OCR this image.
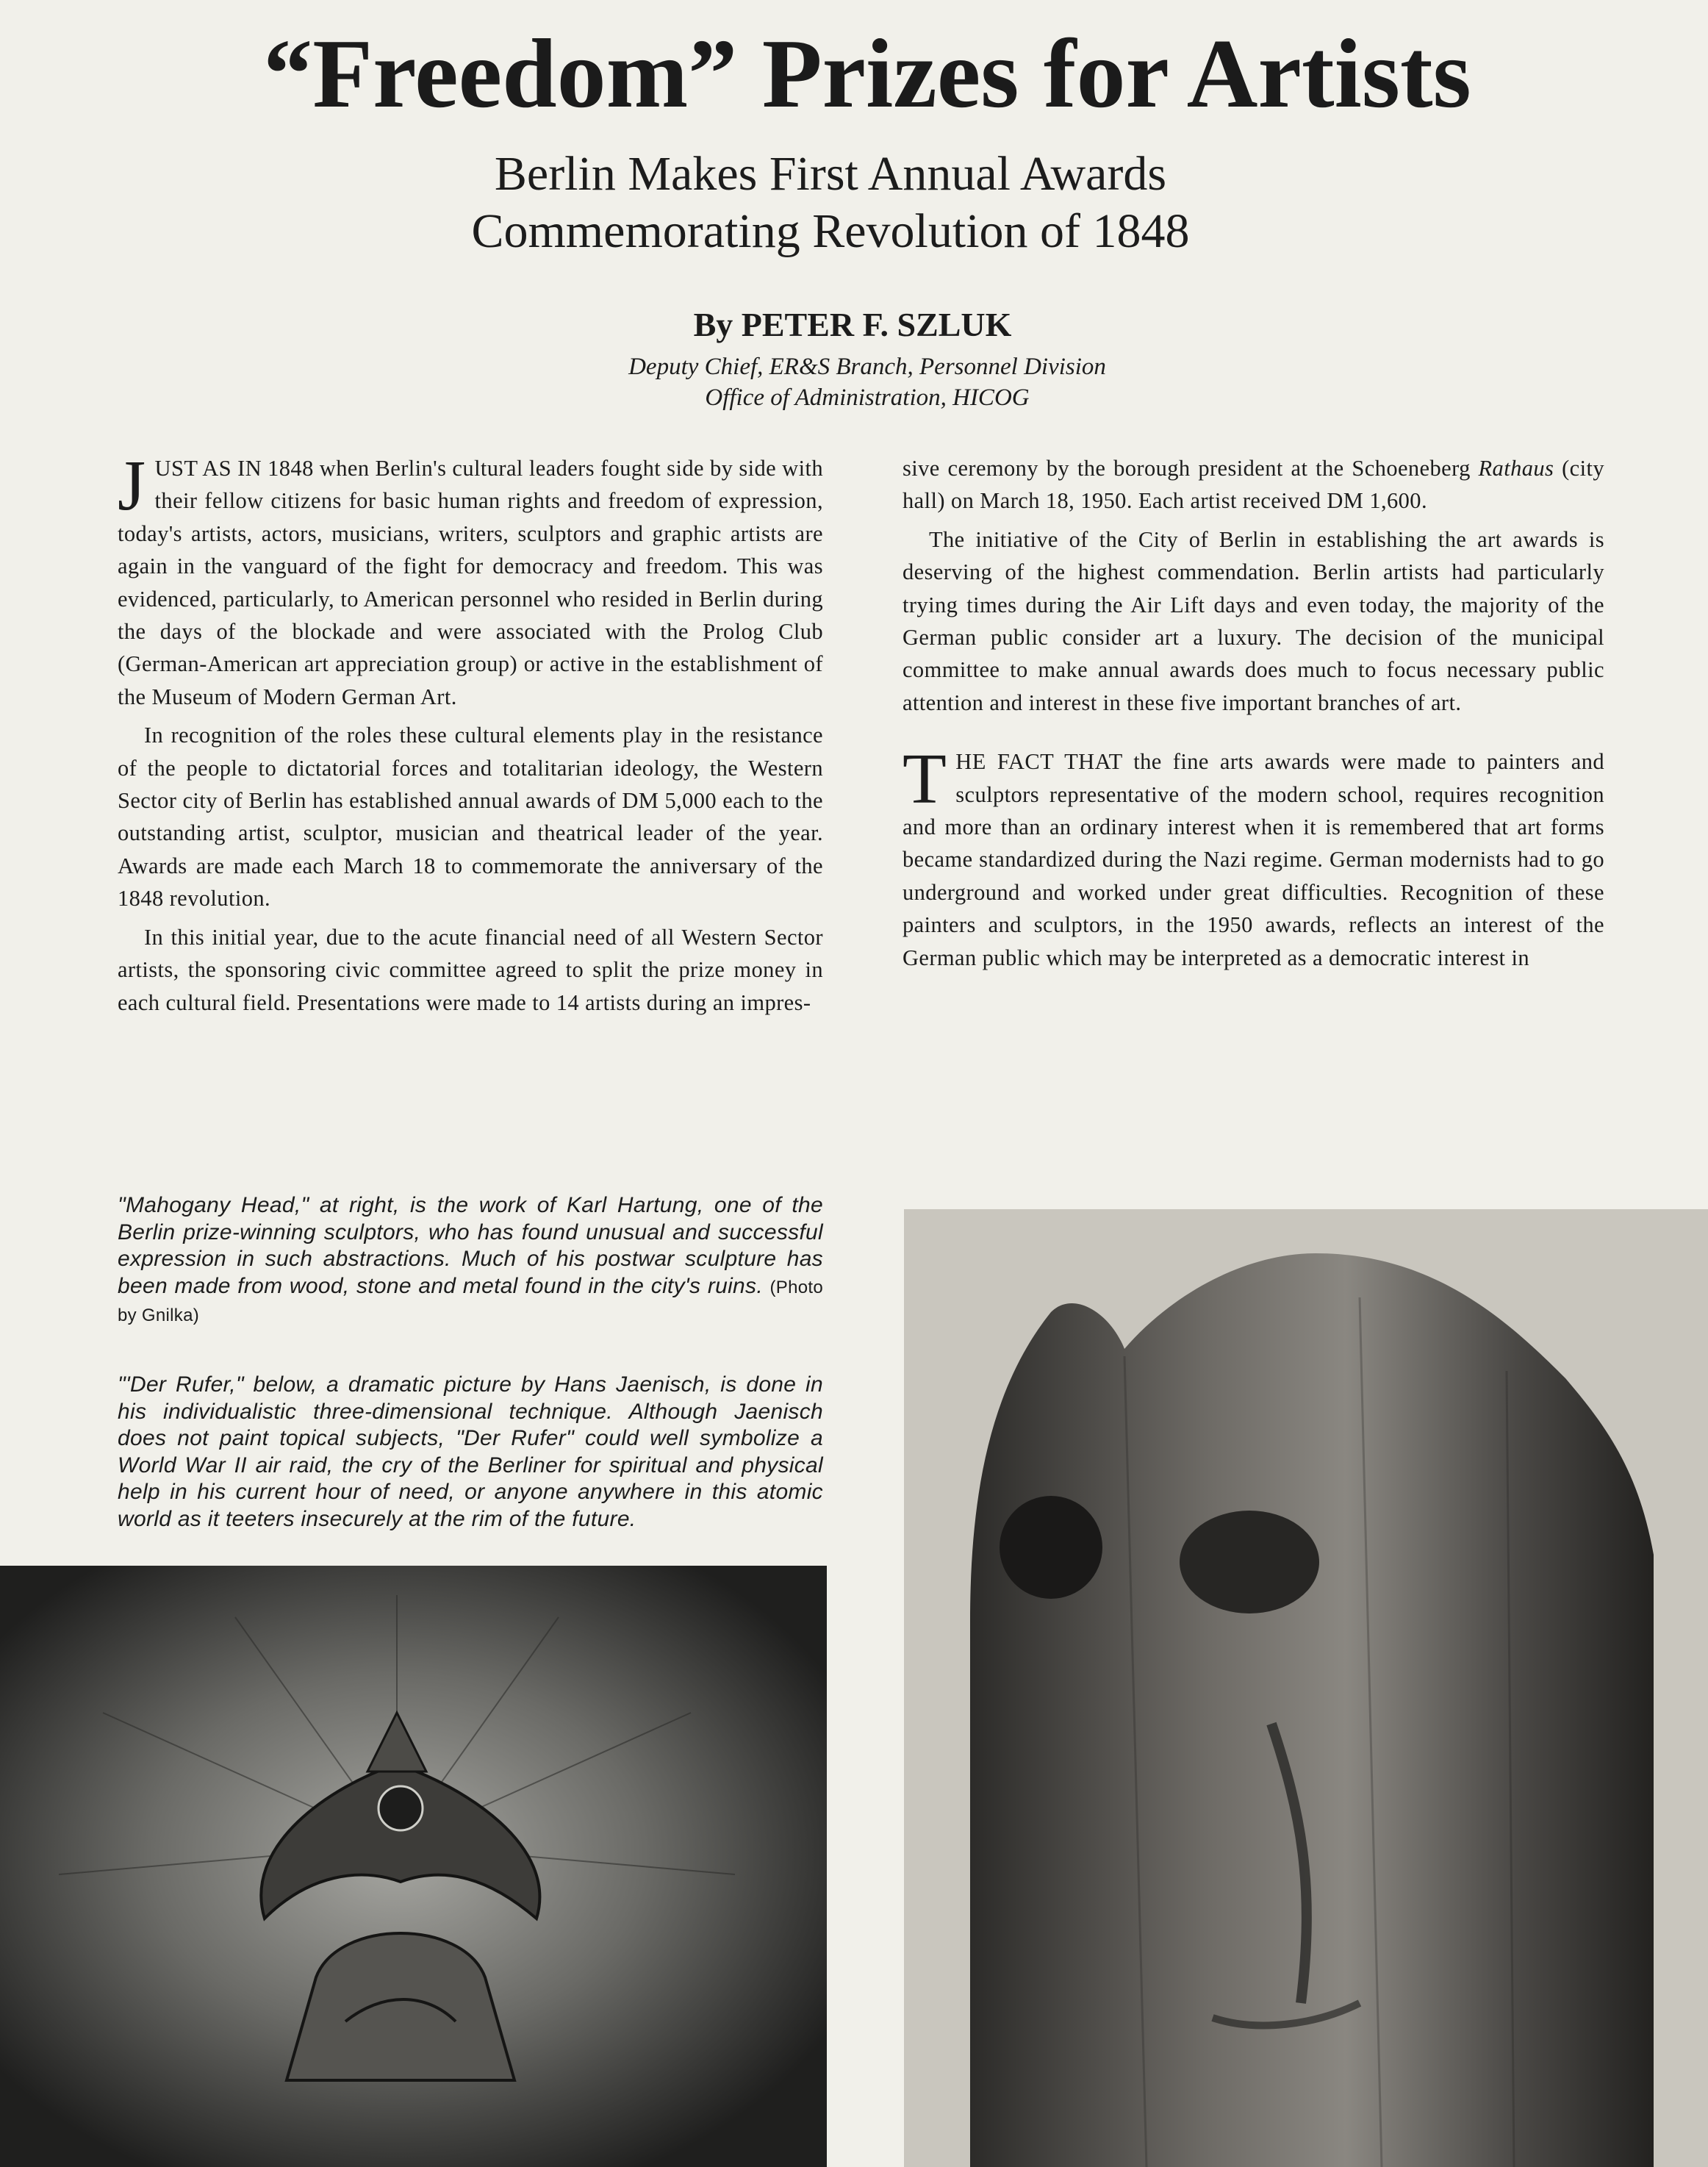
“Freedom” Prizes for Artists
Berlin Makes First Annual Awards
Commemorating Revolution of 1848
By PETER F. SZLUK
Deputy Chief, ER&S Branch, Personnel Division
Office of Administration, HICOG

JUST AS IN 1848 when Berlin's cultural leaders fought side by side with their fellow citizens for basic human rights and freedom of expression, today's artists, actors, musicians, writers, sculptors and graphic artists are again in the vanguard of the fight for democracy and freedom. This was evidenced, particularly, to American personnel who resided in Berlin during the days of the blockade and were associated with the Prolog Club (German-American art appreciation group) or active in the establishment of the Museum of Modern German Art.

In recognition of the roles these cultural elements play in the resistance of the people to dictatorial forces and totalitarian ideology, the Western Sector city of Berlin has established annual awards of DM 5,000 each to the outstanding artist, sculptor, musician and theatrical leader of the year. Awards are made each March 18 to commemorate the anniversary of the 1848 revolution.

In this initial year, due to the acute financial need of all Western Sector artists, the sponsoring civic committee agreed to split the prize money in each cultural field. Presentations were made to 14 artists during an impres-

sive ceremony by the borough president at the Schoeneberg Rathaus (city hall) on March 18, 1950. Each artist received DM 1,600.

The initiative of the City of Berlin in establishing the art awards is deserving of the highest commendation. Berlin artists had particularly trying times during the Air Lift days and even today, the majority of the German public consider art a luxury. The decision of the municipal committee to make annual awards does much to focus necessary public attention and interest in these five important branches of art.

THE FACT THAT the fine arts awards were made to painters and sculptors representative of the modern school, requires recognition and more than an ordinary interest when it is remembered that art forms became standardized during the Nazi regime. German modernists had to go underground and worked under great difficulties. Recognition of these painters and sculptors, in the 1950 awards, reflects an interest of the German public which may be interpreted as a democratic interest in

"Mahogany Head," at right, is the work of Karl Hartung, one of the Berlin prize-winning sculptors, who has found unusual and successful expression in such abstractions. Much of his postwar sculpture has been made from wood, stone and metal found in the city's ruins. (Photo by Gnilka)

"'Der Rufer," below, a dramatic picture by Hans Jaenisch, is done in his individualistic three-dimensional technique. Although Jaenisch does not paint topical subjects, "Der Rufer" could well symbolize a World War II air raid, the cry of the Berliner for spiritual and physical help in his current hour of need, or anyone anywhere in this atomic world as it teeters insecurely at the rim of the future.
